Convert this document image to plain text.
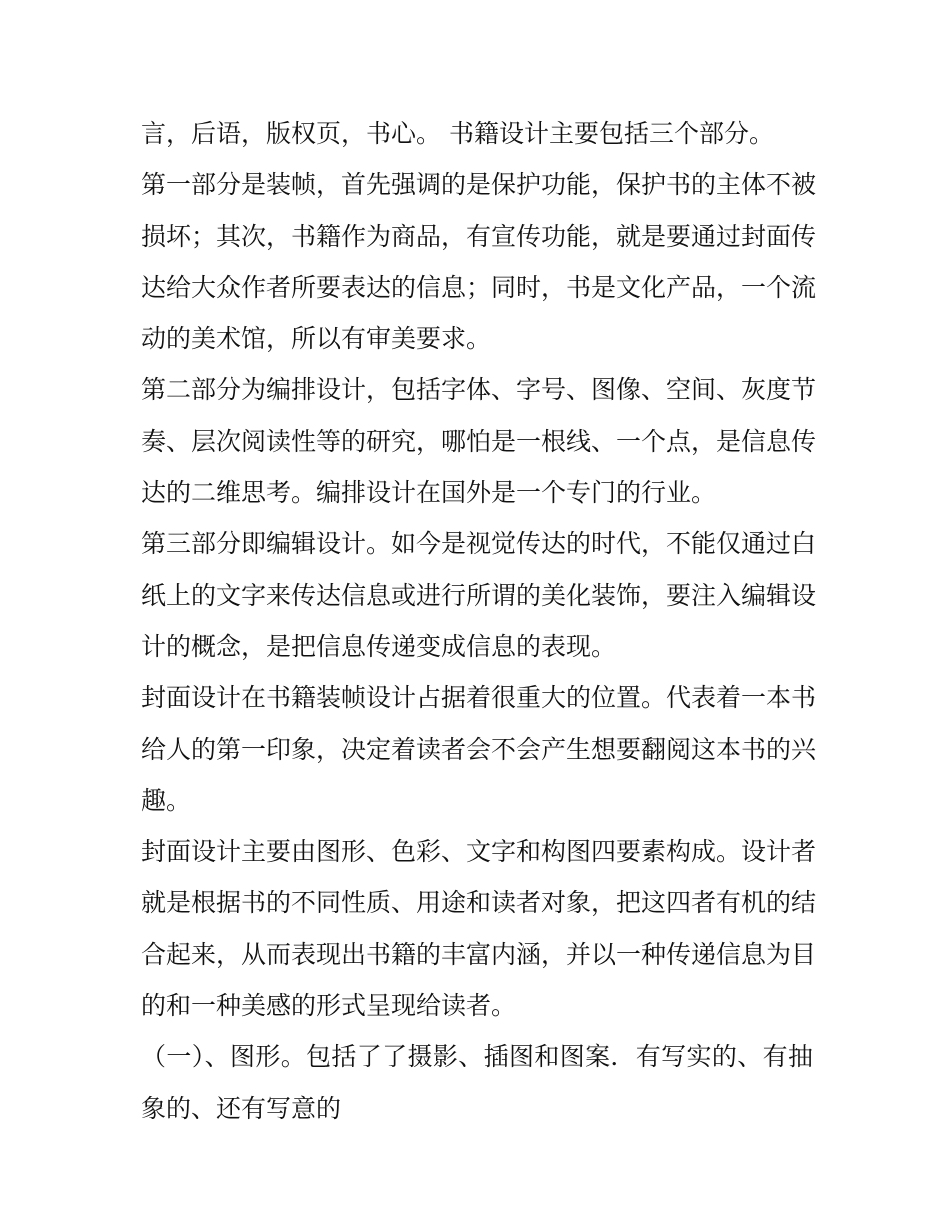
言，后语，版权页，书心。 书籍设计主要包括三个部分。
第一部分是装帧，首先强调的是保护功能，保护书的主体不被
损坏；其次，书籍作为商品，有宣传功能，就是要通过封面传
达给大众作者所要表达的信息；同时，书是文化产品，一个流
动的美术馆，所以有审美要求。
第二部分为编排设计，包括字体、字号、图像、空间、灰度节
奏、层次阅读性等的研究，哪怕是一根线、一个点，是信息传
达的二维思考。编排设计在国外是一个专门的行业。
第三部分即编辑设计。如今是视觉传达的时代，不能仅通过白
纸上的文字来传达信息或进行所谓的美化装饰，要注入编辑设
计的概念，是把信息传递变成信息的表现。
封面设计在书籍装帧设计占据着很重大的位置。代表着一本书
给人的第一印象，决定着读者会不会产生想要翻阅这本书的兴
趣。
封面设计主要由图形、色彩、文字和构图四要素构成。设计者
就是根据书的不同性质、用途和读者对象，把这四者有机的结
合起来，从而表现出书籍的丰富内涵，并以一种传递信息为目
的和一种美感的形式呈现给读者。
（一）、图形。包括了了摄影、插图和图案．有写实的、有抽
象的、还有写意的
